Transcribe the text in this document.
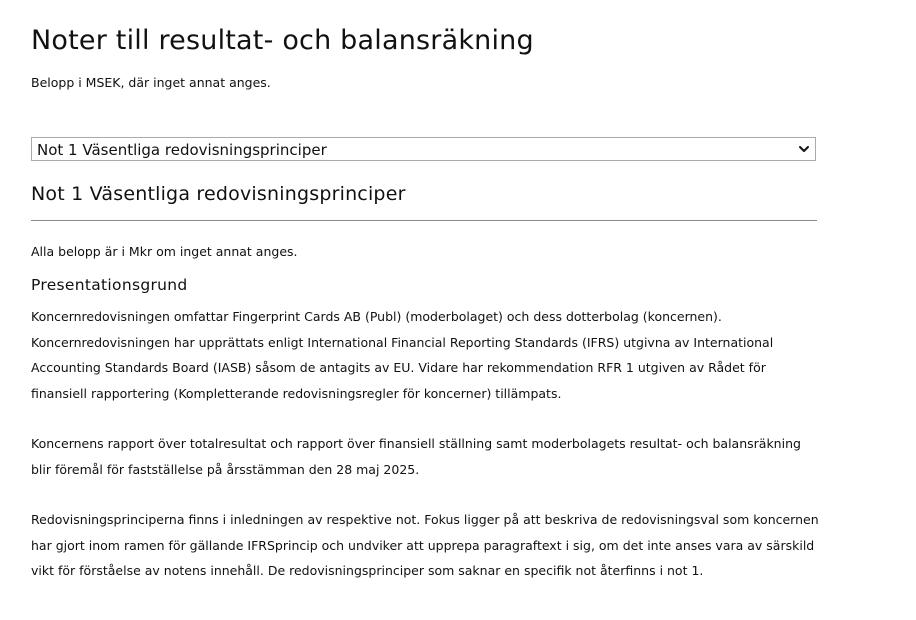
Noter till resultat- och balansräkning

Belopp i MSEK, där inget annat anges.

Not 1 Väsentliga redovisningsprinciper
Not 1 Väsentliga redovisningsprinciper

Alla belopp är i Mkr om inget annat anges.

Presentationsgrund

Koncernredovisningen omfattar Fingerprint Cards AB (Publ) (moderbolaget) och dess dotterbolag (koncernen). Koncernredovisningen har upprättats enligt International Financial Reporting Standards (IFRS) utgivna av International Accounting Standards Board (IASB) såsom de antagits av EU. Vidare har rekommendation RFR 1 utgiven av Rådet för finansiell rapportering (Kompletterande redovisningsregler för koncerner) tillämpats.

Koncernens rapport över totalresultat och rapport över finansiell ställning samt moderbolagets resultat- och balansräkning blir föremål för fastställelse på årsstämman den 28 maj 2025.

Redovisningsprinciperna finns i inledningen av respektive not. Fokus ligger på att beskriva de redovisningsval som koncernen har gjort inom ramen för gällande IFRSprincip och undviker att upprepa paragraftext i sig, om det inte anses vara av särskild vikt för förståelse av notens innehåll. De redovisningsprinciper som saknar en specifik not återfinns i not 1.
